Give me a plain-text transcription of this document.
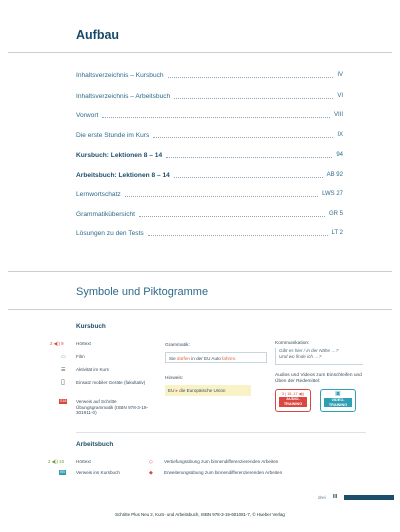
Aufbau
Inhaltsverzeichnis – Kursbuch	IV
Inhaltsverzeichnis – Arbeitsbuch	VI
Vorwort	VIII
Die erste Stunde im Kurs	IX
Kursbuch: Lektionen 8 – 14	94
Arbeitsbuch: Lektionen 8 – 14	AB 92
Lernwortschatz	LWS 27
Grammatikübersicht	GR 5
Lösungen zu den Tests	LT 2
Symbole und Piktogramme
Kursbuch
2 ◀)) 9	Hörtext
▭ Film
☰ Aktivität im Kurs
▯ Einsatz mobiler Geräte (fakultativ)
S18 Verweis auf Schritte Übungsgrammatik (ISBN 978-3-19-301911-0)
Grammatik:
Sie dürfen in der EU Auto fahren.
Hinweis:
EU ▸ die Europäische Union
Kommunikation:
Gibt es hier / in der Nähe …?
Und wo finde ich …?
Audios und Videos zum Einschleifen und Üben der Redemittel:
3 | 15–17 ◀))
AUDIO-
TRAINING
▣
VIDEO-
TRAINING
Arbeitsbuch
2 ◀)) 10	Hörtext
KB Verweis ins Kursbuch
◇ Vertiefungsübung zum binnendifferenzierenden Arbeiten
◆ Erweiterungsübung zum binnendifferenzierenden Arbeiten
drei III
Schritte Plus Neu 2, Kurs- und Arbeitsbuch, ISBN 978-3-19-601081-7, © Hueber Verlag
